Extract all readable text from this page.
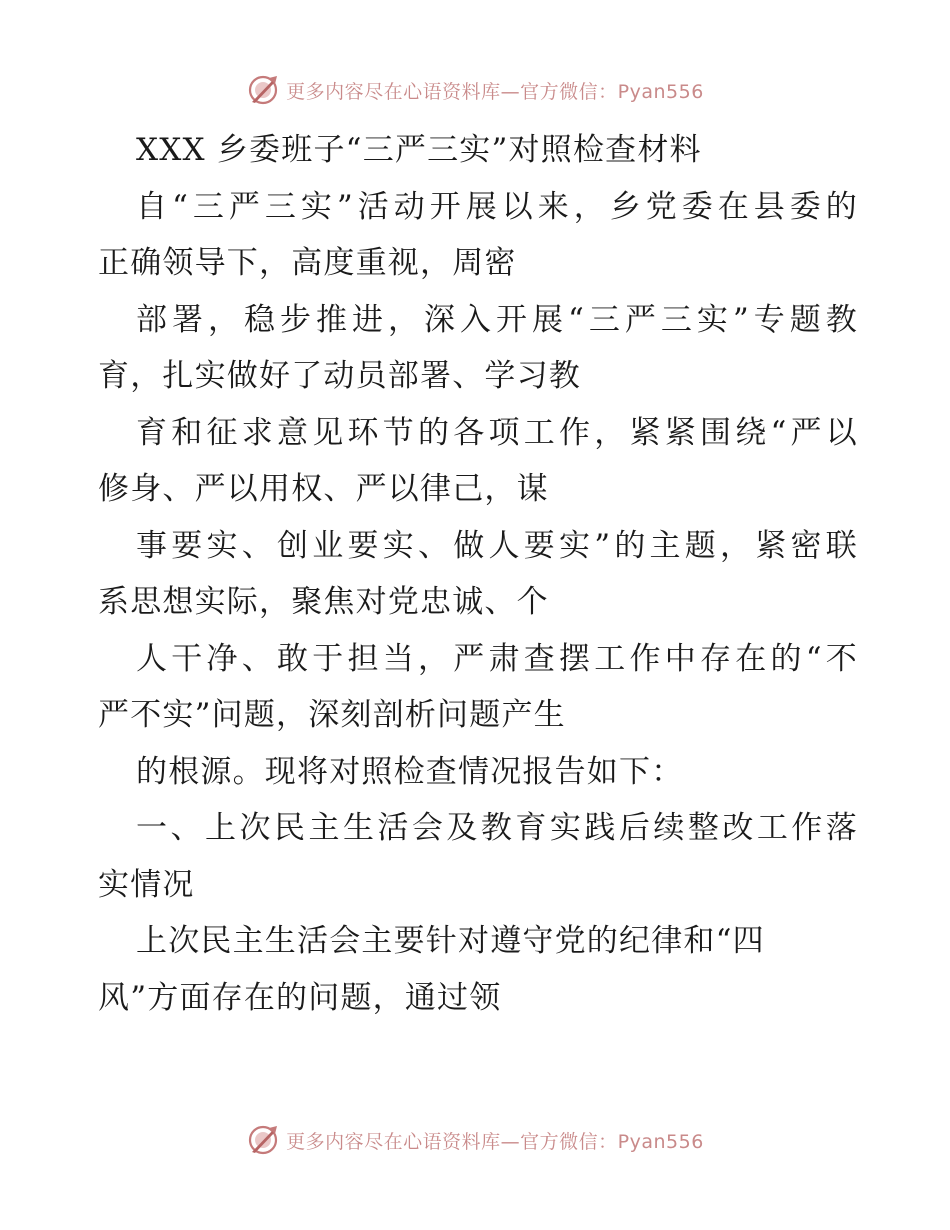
更多内容尽在心语资料库—官方微信：Pyan556
XXX 乡委班子“三严三实”对照检查材料
自“三严三实”活动开展以来，乡党委在县委的
正确领导下，高度重视，周密
部署，稳步推进，深入开展“三严三实”专题教
育，扎实做好了动员部署、学习教
育和征求意见环节的各项工作，紧紧围绕“严以
修身、严以用权、严以律己，谋
事要实、创业要实、做人要实”的主题，紧密联
系思想实际，聚焦对党忠诚、个
人干净、敢于担当，严肃查摆工作中存在的“不
严不实”问题，深刻剖析问题产生
的根源。现将对照检查情况报告如下：
一、上次民主生活会及教育实践后续整改工作落
实情况
上次民主生活会主要针对遵守党的纪律和“四
风”方面存在的问题，通过领
更多内容尽在心语资料库—官方微信：Pyan556
